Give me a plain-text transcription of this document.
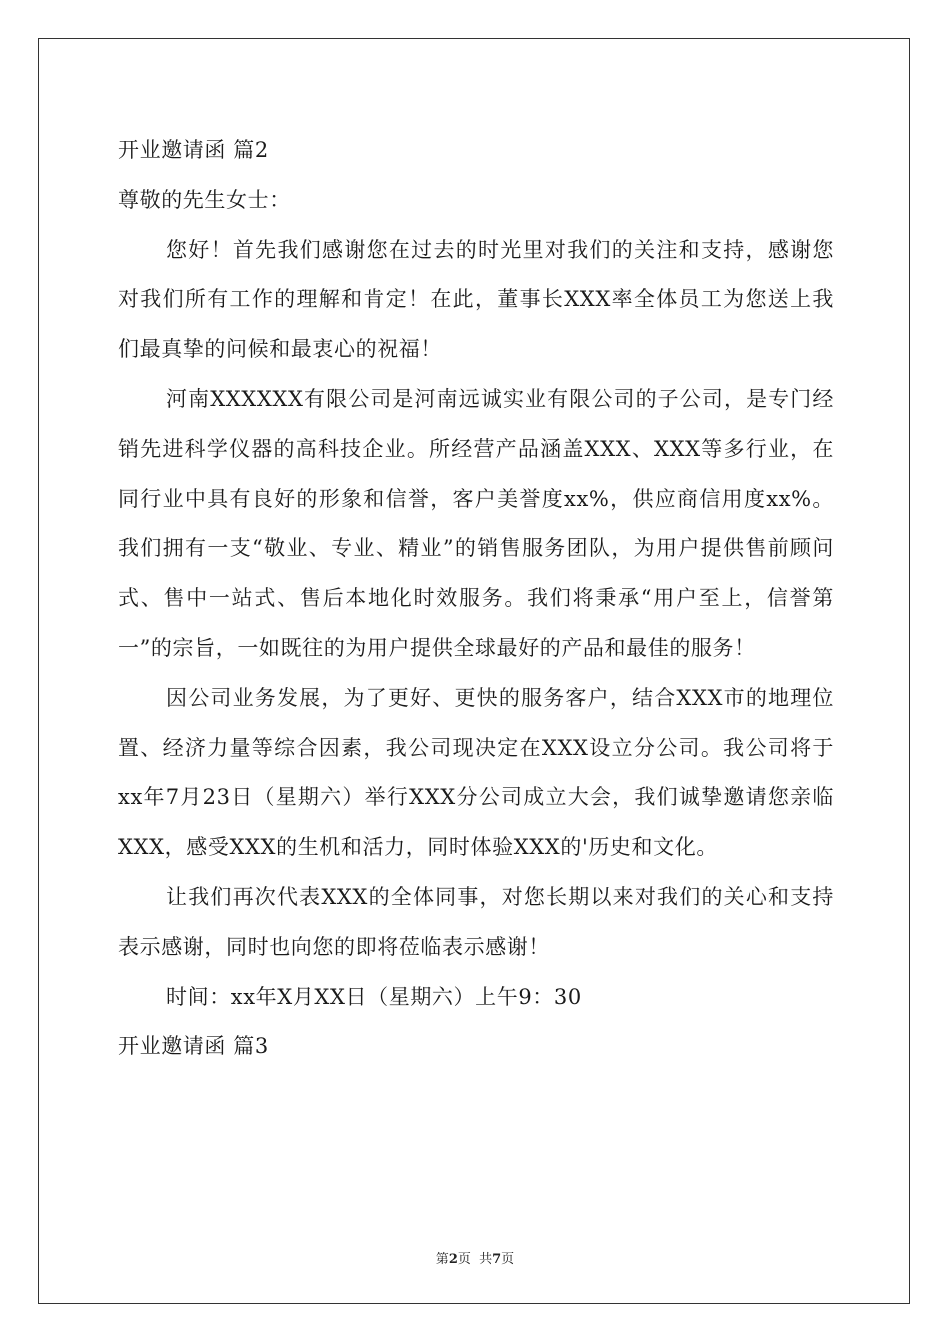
开业邀请函 篇2
尊敬的先生女士：
您好！首先我们感谢您在过去的时光里对我们的关注和支持，感谢您对我们所有工作的理解和肯定！在此，董事长XXX率全体员工为您送上我们最真挚的问候和最衷心的祝福！
河南XXXXXX有限公司是河南远诚实业有限公司的子公司，是专门经销先进科学仪器的高科技企业。所经营产品涵盖XXX、XXX等多行业，在同行业中具有良好的形象和信誉，客户美誉度xx%，供应商信用度xx%。我们拥有一支“敬业、专业、精业”的销售服务团队，为用户提供售前顾问式、售中一站式、售后本地化时效服务。我们将秉承“用户至上，信誉第一”的宗旨，一如既往的为用户提供全球最好的产品和最佳的服务！
因公司业务发展，为了更好、更快的服务客户，结合XXX市的地理位置、经济力量等综合因素，我公司现决定在XXX设立分公司。我公司将于xx年7月23日（星期六）举行XXX分公司成立大会，我们诚挚邀请您亲临XXX，感受XXX的生机和活力，同时体验XXX的'历史和文化。
让我们再次代表XXX的全体同事，对您长期以来对我们的关心和支持表示感谢，同时也向您的即将莅临表示感谢！
时间：xx年X月XX日（星期六）上午9：30
开业邀请函 篇3
第2页  共7页
